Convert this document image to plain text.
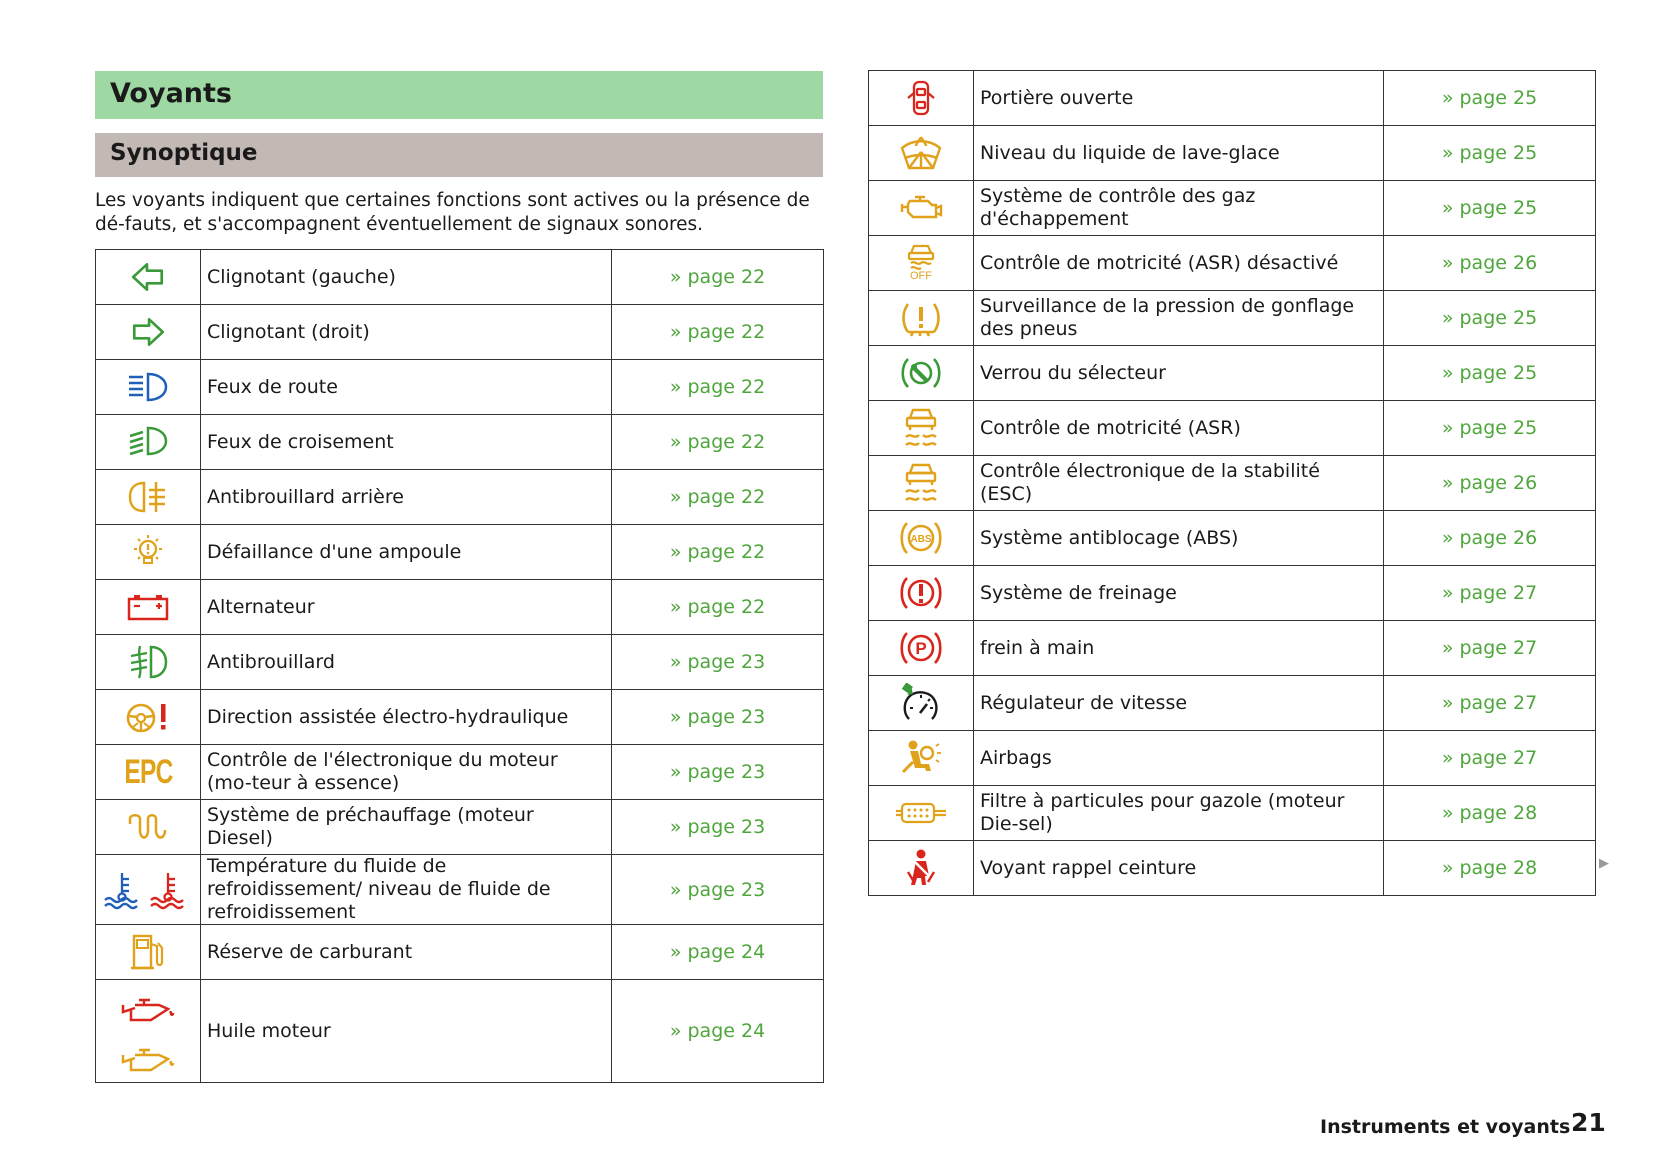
Voyants
Synoptique

Les voyants indiquent que certaines fonctions sont actives ou la présence de dé-fauts, et s'accompagnent éventuellement de signaux sonores.

	Clignotant (gauche)	» page 22
	Clignotant (droit)	» page 22
	Feux de route	» page 22
	Feux de croisement	» page 22
	Antibrouillard arrière	» page 22
	Défaillance d'une ampoule	» page 22
	Alternateur	» page 22
	Antibrouillard	» page 23
	Direction assistée électro-hydraulique	» page 23
EPC	Contrôle de l'électronique du moteur (mo-teur à essence)	» page 23
	Système de préchauffage (moteur Diesel)	» page 23
	Température du fluide de refroidissement/ niveau de fluide de refroidissement	» page 23
	Réserve de carburant	» page 24
	Huile moteur	» page 24
	Portière ouverte	» page 25
	Niveau du liquide de lave-glace	» page 25
	Système de contrôle des gaz d'échappement	» page 25

OFF	Contrôle de motricité (ASR) désactivé	» page 26
	Surveillance de la pression de gonflage des pneus	» page 25
	Verrou du sélecteur	» page 25
	Contrôle de motricité (ASR)	» page 25
	Contrôle électronique de la stabilité (ESC)	» page 26

ABS	Système antiblocage (ABS)	» page 26
	Système de freinage	» page 27

P	frein à main	» page 27
	Régulateur de vitesse	» page 27
	Airbags	» page 27
	Filtre à particules pour gazole (moteur Die-sel)	» page 28
	Voyant rappel ceinture	» page 28	▶
Instruments et voyants 21
